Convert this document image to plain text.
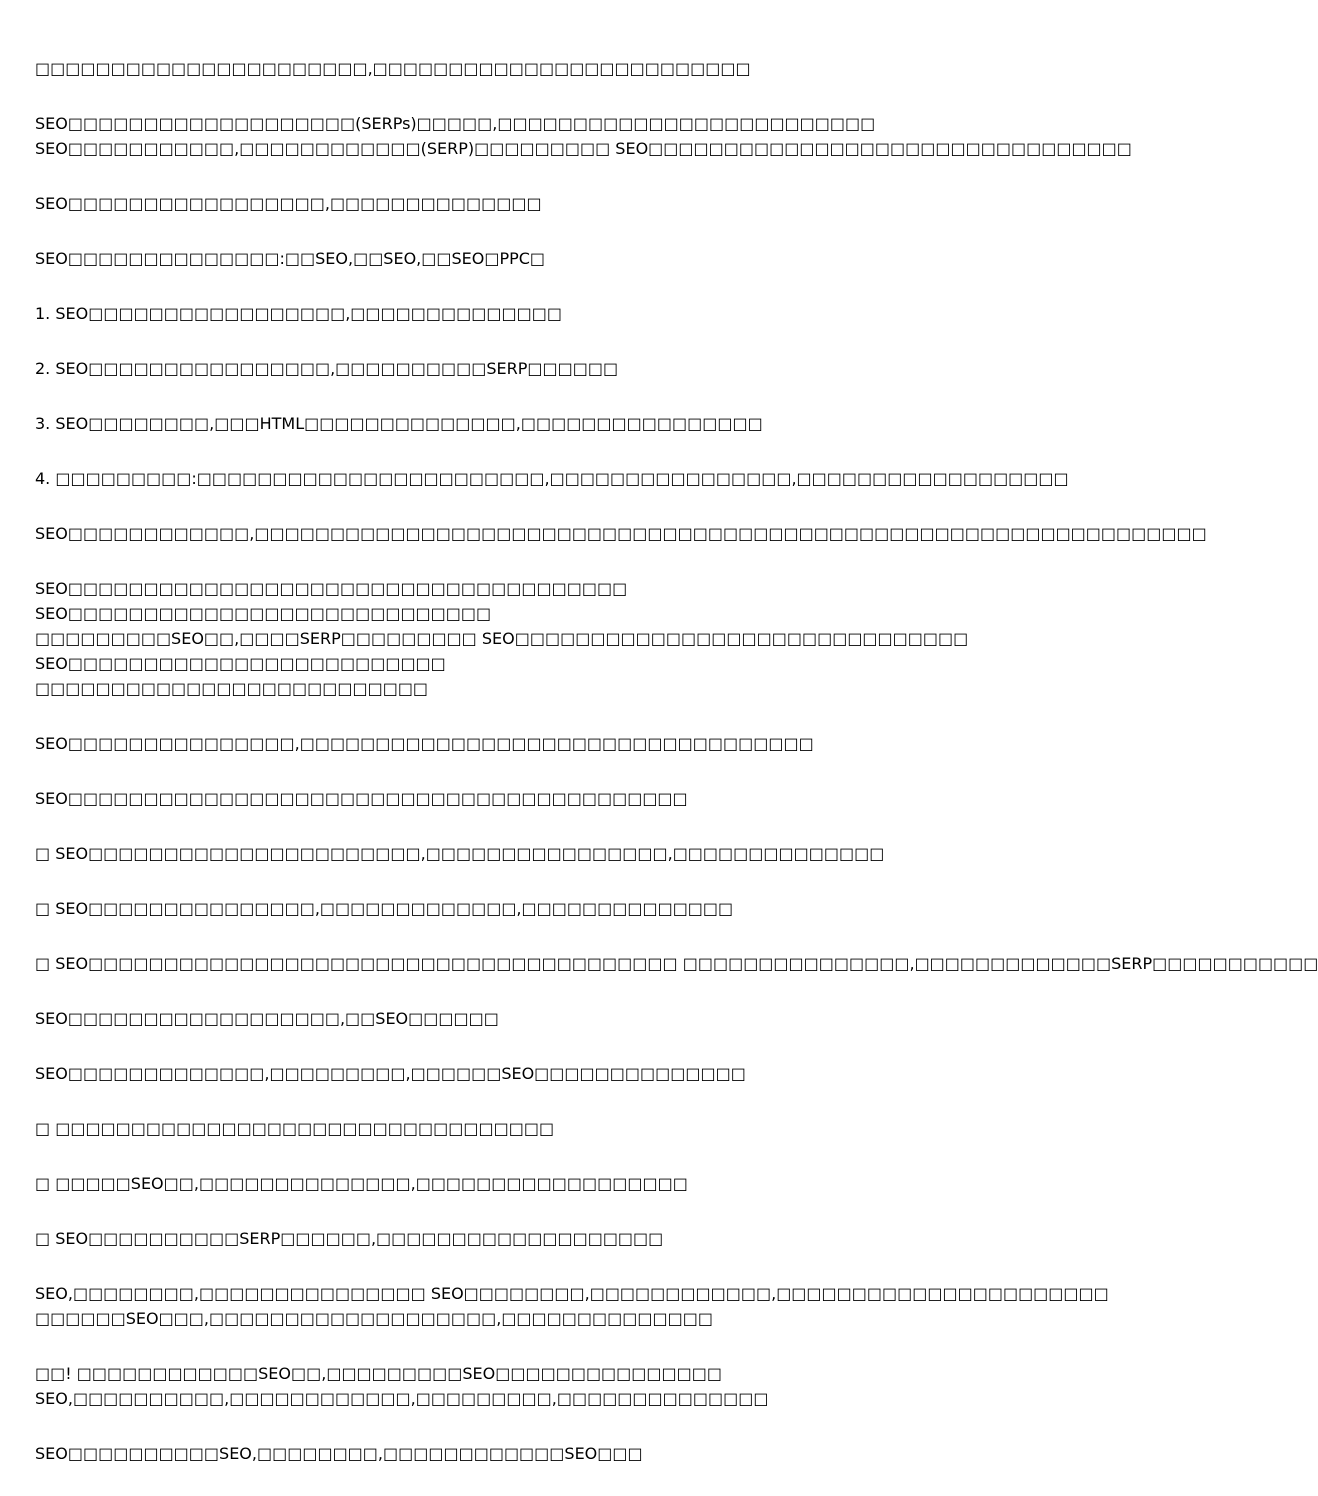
□□□□□□□□□□□□□□□□□□□□□□,□□□□□□□□□□□□□□□□□□□□□□□□□
SEO□□□□□□□□□□□□□□□□□□□(SERPs)□□□□□,□□□□□□□□□□□□□□□□□□□□□□□□□
SEO□□□□□□□□□□□,□□□□□□□□□□□□(SERP)□□□□□□□□□ SEO□□□□□□□□□□□□□□□□□□□□□□□□□□□□□□□□
SEO□□□□□□□□□□□□□□□□□,□□□□□□□□□□□□□□
SEO□□□□□□□□□□□□□□:□□SEO,□□SEO,□□SEO□PPC□
1. SEO□□□□□□□□□□□□□□□□□,□□□□□□□□□□□□□□
2. SEO□□□□□□□□□□□□□□□□,□□□□□□□□□□SERP□□□□□□
3. SEO□□□□□□□□,□□□HTML□□□□□□□□□□□□□□,□□□□□□□□□□□□□□□□
4. □□□□□□□□□:□□□□□□□□□□□□□□□□□□□□□□□,□□□□□□□□□□□□□□□□,□□□□□□□□□□□□□□□□□□
SEO□□□□□□□□□□□□,□□□□□□□□□□□□□□□□□□□□□□□□□□□□□□□□□□□□□□□□□□□□□□□□□□□□□□□□□□□□□□□
SEO□□□□□□□□□□□□□□□□□□□□□□□□□□□□□□□□□□□□□ SEO□□□□□□□□□□□□□□□□□□□□□□□□□□□□
□□□□□□□□□SEO□□,□□□□SERP□□□□□□□□□ SEO□□□□□□□□□□□□□□□□□□□□□□□□□□□□□□ SEO□□□□□□□□□□□□□□□□□□□□□□□□□
□□□□□□□□□□□□□□□□□□□□□□□□□□
SEO□□□□□□□□□□□□□□□,□□□□□□□□□□□□□□□□□□□□□□□□□□□□□□□□□□
SEO□□□□□□□□□□□□□□□□□□□□□□□□□□□□□□□□□□□□□□□□□
□ SEO□□□□□□□□□□□□□□□□□□□□□□,□□□□□□□□□□□□□□□□,□□□□□□□□□□□□□□
□ SEO□□□□□□□□□□□□□□□,□□□□□□□□□□□□□,□□□□□□□□□□□□□□
□ SEO□□□□□□□□□□□□□□□□□□□□□□□□□□□□□□□□□□□□□□□ □□□□□□□□□□□□□□□,□□□□□□□□□□□□□SERP□□□□□□□□□□□
SEO□□□□□□□□□□□□□□□□□□,□□SEO□□□□□□
SEO□□□□□□□□□□□□□,□□□□□□□□□,□□□□□□SEO□□□□□□□□□□□□□□
□ □□□□□□□□□□□□□□□□□□□□□□□□□□□□□□□□□
□ □□□□□SEO□□,□□□□□□□□□□□□□□,□□□□□□□□□□□□□□□□□□
□ SEO□□□□□□□□□□SERP□□□□□□,□□□□□□□□□□□□□□□□□□□
SEO,□□□□□□□□,□□□□□□□□□□□□□□□ SEO□□□□□□□□,□□□□□□□□□□□□,□□□□□□□□□□□□□□□□□□□□□□
□□□□□□SEO□□□,□□□□□□□□□□□□□□□□□□□,□□□□□□□□□□□□□□
□□! □□□□□□□□□□□□SEO□□,□□□□□□□□□SEO□□□□□□□□□□□□□□□
SEO,□□□□□□□□□□,□□□□□□□□□□□□,□□□□□□□□□,□□□□□□□□□□□□□□
SEO□□□□□□□□□□SEO,□□□□□□□□,□□□□□□□□□□□□SEO□□□
